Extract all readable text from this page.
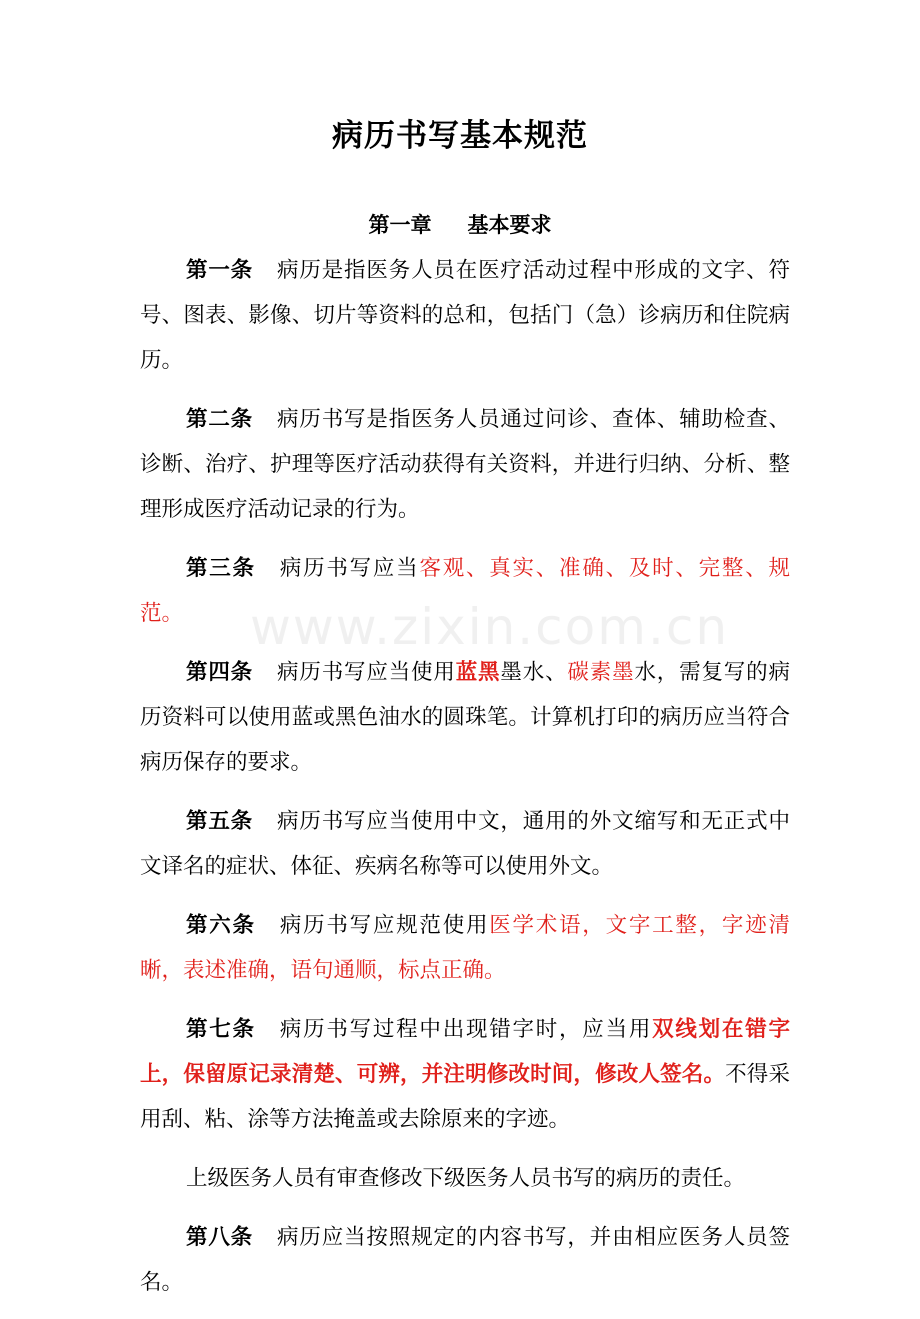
www.zixin.com.cn
病历书写基本规范
第一章 基本要求

第一条 病历是指医务人员在医疗活动过程中形成的文字、符号、图表、影像、切片等资料的总和，包括门（急）诊病历和住院病历。

第二条 病历书写是指医务人员通过问诊、查体、辅助检查、诊断、治疗、护理等医疗活动获得有关资料，并进行归纳、分析、整理形成医疗活动记录的行为。

第三条 病历书写应当客观、真实、准确、及时、完整、规范。

第四条 病历书写应当使用蓝黑墨水、碳素墨水，需复写的病历资料可以使用蓝或黑色油水的圆珠笔。计算机打印的病历应当符合病历保存的要求。

第五条 病历书写应当使用中文，通用的外文缩写和无正式中文译名的症状、体征、疾病名称等可以使用外文。

第六条 病历书写应规范使用医学术语，文字工整，字迹清晰，表述准确，语句通顺，标点正确。

第七条 病历书写过程中出现错字时，应当用双线划在错字上，保留原记录清楚、可辨，并注明修改时间，修改人签名。不得采用刮、粘、涂等方法掩盖或去除原来的字迹。

上级医务人员有审查修改下级医务人员书写的病历的责任。

第八条 病历应当按照规定的内容书写，并由相应医务人员签名。
